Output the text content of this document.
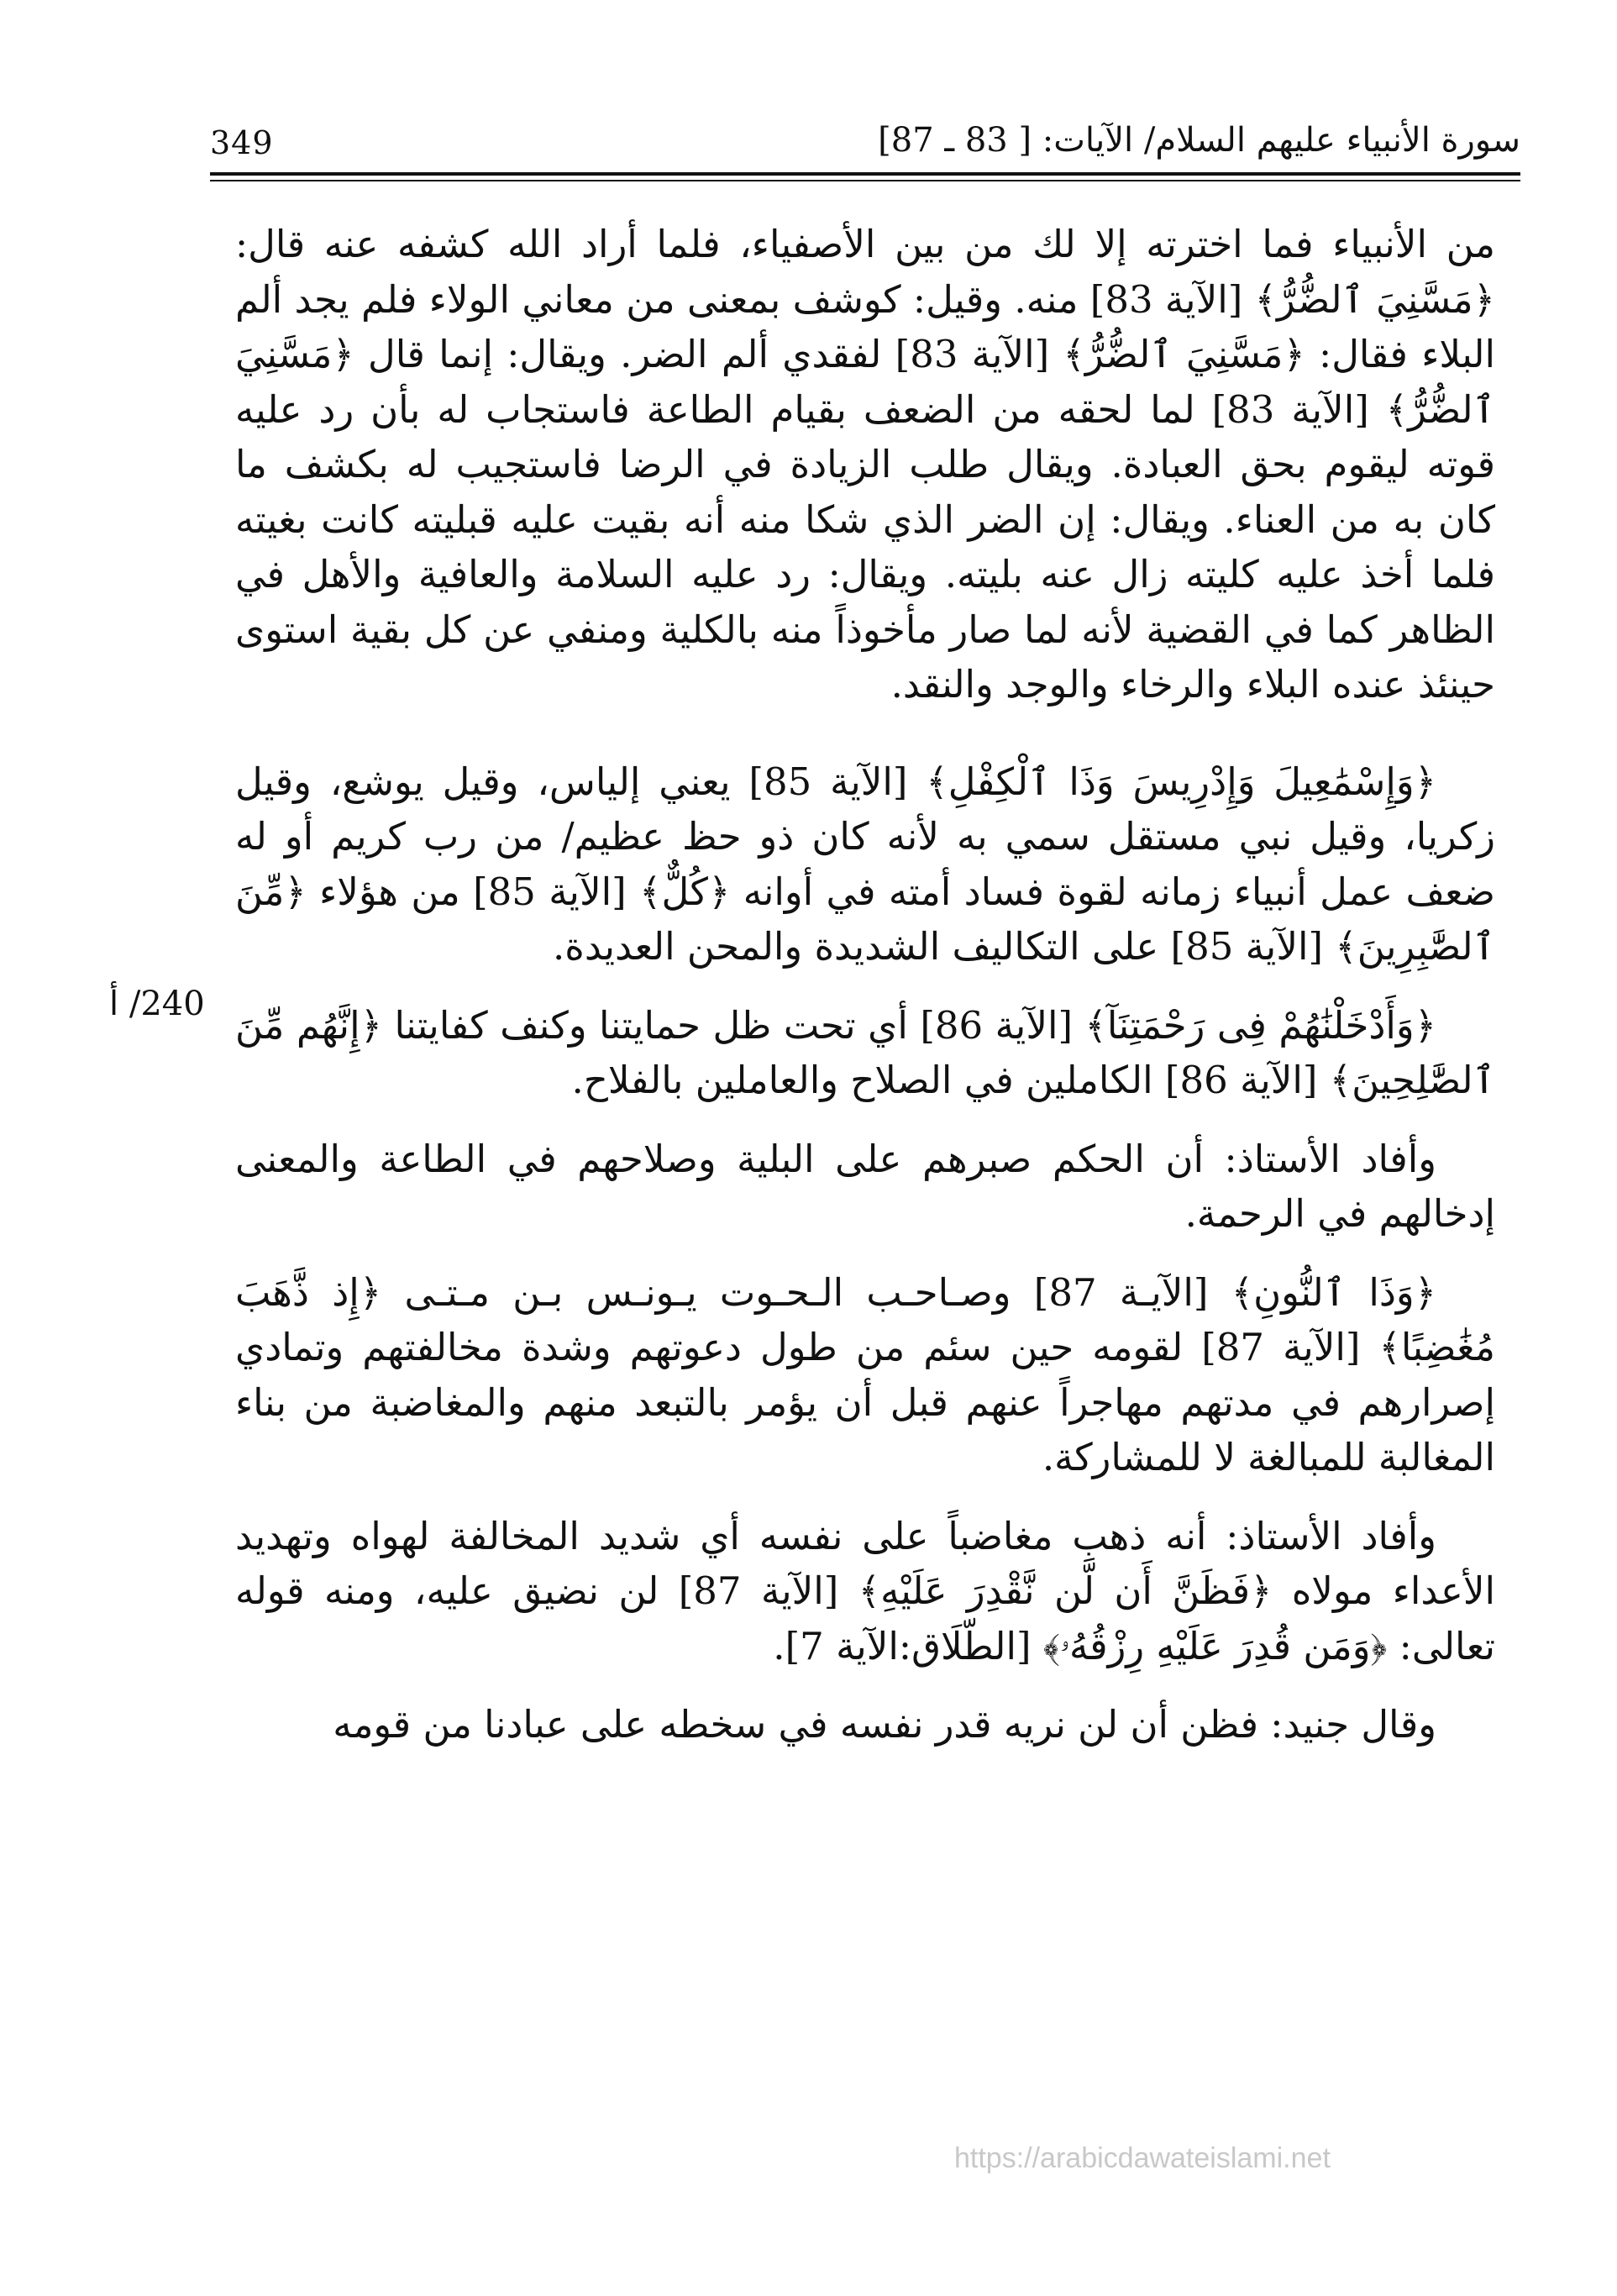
349	سورة الأنبياء عليهم السلام/ الآيات: [ 83 ـ 87]
240/ أ

من الأنبياء فما اخترته إلا لك من بين الأصفياء، فلما أراد الله كشفه عنه قال: ﴿مَسَّنِيَ ٱلضُّرُّ﴾ [الآية 83] منه. وقيل: كوشف بمعنى من معاني الولاء فلم يجد ألم البلاء فقال: ﴿مَسَّنِيَ ٱلضُّرُّ﴾ [الآية 83] لفقدي ألم الضر. ويقال: إنما قال ﴿مَسَّنِيَ ٱلضُّرُّ﴾ [الآية 83] لما لحقه من الضعف بقيام الطاعة فاستجاب له بأن رد عليه قوته ليقوم بحق العبادة. ويقال طلب الزيادة في الرضا فاستجيب له بكشف ما كان به من العناء. ويقال: إن الضر الذي شكا منه أنه بقيت عليه قبليته كانت بغيته فلما أخذ عليه كليته زال عنه بليته. ويقال: رد عليه السلامة والعافية والأهل في الظاهر كما في القضية لأنه لما صار مأخوذاً منه بالكلية ومنفي عن كل بقية استوى حينئذ عنده البلاء والرخاء والوجد والنقد.

﴿وَإِسْمَٰعِيلَ وَإِدْرِيسَ وَذَا ٱلْكِفْلِ﴾ [الآية 85] يعني إلياس، وقيل يوشع، وقيل زكريا، وقيل نبي مستقل سمي به لأنه كان ذو حظ عظيم/ من رب كريم أو له ضعف عمل أنبياء زمانه لقوة فساد أمته في أوانه ﴿كُلٌّ﴾ [الآية 85] من هؤلاء ﴿مِّنَ ٱلصَّٰبِرِينَ﴾ [الآية 85] على التكاليف الشديدة والمحن العديدة.

﴿وَأَدْخَلْنَٰهُمْ فِى رَحْمَتِنَآ﴾ [الآية 86] أي تحت ظل حمايتنا وكنف كفايتنا ﴿إِنَّهُم مِّنَ ٱلصَّٰلِحِينَ﴾ [الآية 86] الكاملين في الصلاح والعاملين بالفلاح.

وأفاد الأستاذ: أن الحكم صبرهم على البلية وصلاحهم في الطاعة والمعنى إدخالهم في الرحمة.

﴿وَذَا ٱلنُّونِ﴾ [الآيـة 87] وصـاحـب الـحـوت يـونـس بـن مـتـى ﴿إِذ ذَّهَبَ مُغَٰضِبًا﴾ [الآية 87] لقومه حين سئم من طول دعوتهم وشدة مخالفتهم وتمادي إصرارهم في مدتهم مهاجراً عنهم قبل أن يؤمر بالتبعد منهم والمغاضبة من بناء المغالبة للمبالغة لا للمشاركة.

وأفاد الأستاذ: أنه ذهب مغاضباً على نفسه أي شديد المخالفة لهواه وتهديد الأعداء مولاه ﴿فَظَنَّ أَن لَّن نَّقْدِرَ عَلَيْهِ﴾ [الآية 87] لن نضيق عليه، ومنه قوله تعالى: ﴿وَمَن قُدِرَ عَلَيْهِ رِزْقُهُۥ﴾ [الطّلَاق:الآية 7].

وقال جنيد: فظن أن لن نريه قدر نفسه في سخطه على عبادنا من قومه

https://arabicdawateislami.net
